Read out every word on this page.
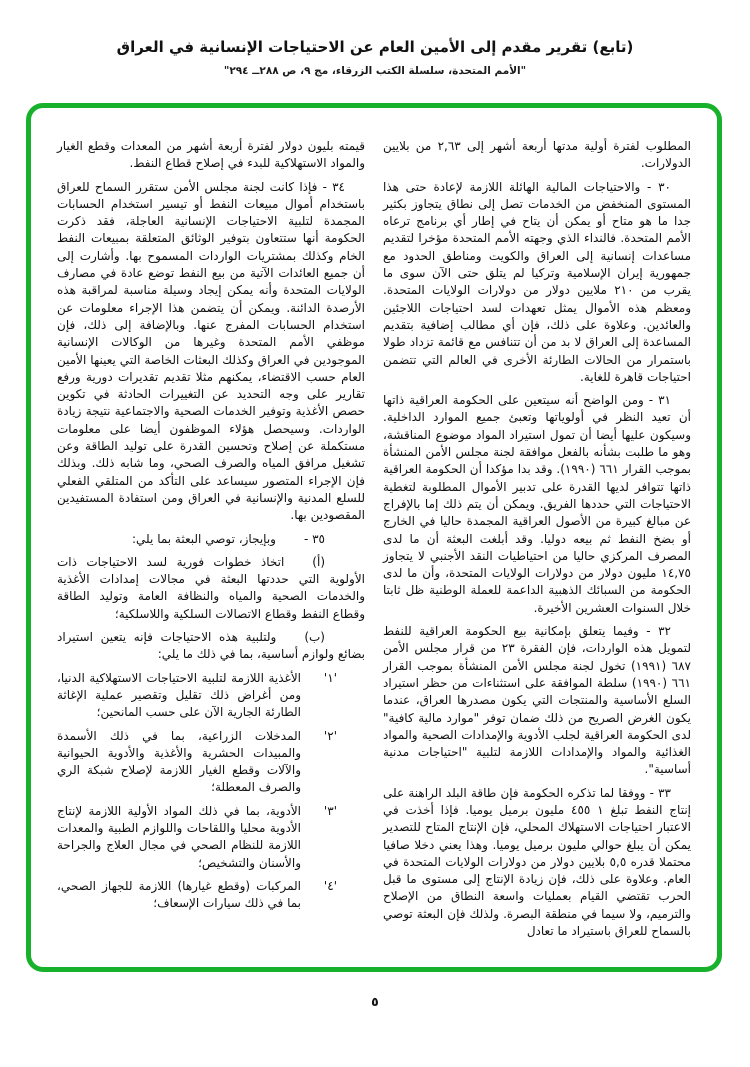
(تابع) تقرير مقدم إلى الأمين العام عن الاحتياجات الإنسانية في العراق
"الأمم المتحدة، سلسلة الكتب الزرقاء، مج ٩، ص ٢٨٨ــ ٢٩٤"

المطلوب لفترة أولية مدتها أربعة أشهر إلى ٢,٦٣ من بلايين الدولارات.

٣٠ - والاحتياجات المالية الهائلة اللازمة لإعادة حتى هذا المستوى المنخفض من الخدمات تصل إلى نطاق يتجاوز بكثير جدا ما هو متاح أو يمكن أن يتاح في إطار أي برنامج ترعاه الأمم المتحدة. فالنداء الذي وجهته الأمم المتحدة مؤخرا لتقديم مساعدات إنسانية إلى العراق والكويت ومناطق الحدود مع جمهورية إيران الإسلامية وتركيا لم يتلق حتى الآن سوى ما يقرب من ٢١٠ ملايين دولار من دولارات الولايات المتحدة. ومعظم هذه الأموال يمثل تعهدات لسد احتياجات اللاجئين والعائدين. وعلاوة على ذلك، فإن أي مطالب إضافية بتقديم المساعدة إلى العراق لا بد من أن تتنافس مع قائمة تزداد طولا باستمرار من الحالات الطارئة الأخرى في العالم التي تتضمن احتياجات قاهرة للغاية.

٣١ - ومن الواضح أنه سيتعين على الحكومة العراقية ذاتها أن تعيد النظر في أولوياتها وتعبئ جميع الموارد الداخلية. وسيكون عليها أيضا أن تمول استيراد المواد موضوع المناقشة، وهو ما طلبت بشأنه بالفعل موافقة لجنة مجلس الأمن المنشأة بموجب القرار ٦٦١ (١٩٩٠). وقد بدا مؤكدا أن الحكومة العراقية ذاتها تتوافر لديها القدرة على تدبير الأموال المطلوبة لتغطية الاحتياجات التي حددها الفريق. ويمكن أن يتم ذلك إما بالإفراج عن مبالغ كبيرة من الأصول العراقية المجمدة حاليا في الخارج أو بضخ النفط ثم بيعه دوليا. وقد أبلغت البعثة أن ما لدى المصرف المركزي حاليا من احتياطيات النقد الأجنبي لا يتجاوز ١٤,٧٥ مليون دولار من دولارات الولايات المتحدة، وأن ما لدى الحكومة من السبائك الذهبية الداعمة للعملة الوطنية ظل ثابتا خلال السنوات العشرين الأخيرة.

٣٢ - وفيما يتعلق بإمكانية بيع الحكومة العراقية للنفط لتمويل هذه الواردات، فإن الفقرة ٢٣ من قرار مجلس الأمن ٦٨٧ (١٩٩١) تخول لجنة مجلس الأمن المنشأة بموجب القرار ٦٦١ (١٩٩٠) سلطة الموافقة على استثناءات من حظر استيراد السلع الأساسية والمنتجات التي يكون مصدرها العراق، عندما يكون الغرض الصريح من ذلك ضمان توفر "موارد مالية كافية" لدى الحكومة العراقية لجلب الأدوية والإمدادات الصحية والمواد الغذائية والمواد والإمدادات اللازمة لتلبية "احتياجات مدنية أساسية".

٣٣ - ووفقا لما تذكره الحكومة فإن طاقة البلد الراهنة على إنتاج النفط تبلغ ١ ٤٥٥ مليون برميل يوميا. فإذا أخذت في الاعتبار احتياجات الاستهلاك المحلي، فإن الإنتاج المتاح للتصدير يمكن أن يبلغ حوالي مليون برميل يوميا. وهذا يعني دخلا صافيا محتملا قدره ٥,٥ بلايين دولار من دولارات الولايات المتحدة في العام. وعلاوة على ذلك، فإن زيادة الإنتاج إلى مستوى ما قبل الحرب تقتضي القيام بعمليات واسعة النطاق من الإصلاح والترميم، ولا سيما في منطقة البصرة. ولذلك فإن البعثة توصي بالسماح للعراق باستيراد ما تعادل

قيمته بليون دولار لفترة أربعة أشهر من المعدات وقطع الغيار والمواد الاستهلاكية للبدء في إصلاح قطاع النفط.

٣٤ - فإذا كانت لجنة مجلس الأمن ستقرر السماح للعراق باستخدام أموال مبيعات النفط أو تيسير استخدام الحسابات المجمدة لتلبية الاحتياجات الإنسانية العاجلة، فقد ذكرت الحكومة أنها ستتعاون بتوفير الوثائق المتعلقة بمبيعات النفط الخام وكذلك بمشتريات الواردات المسموح بها. وأشارت إلى أن جميع العائدات الآتية من بيع النفط توضع عادة في مصارف الولايات المتحدة وأنه يمكن إيجاد وسيلة مناسبة لمراقبة هذه الأرصدة الدائنة. ويمكن أن يتضمن هذا الإجراء معلومات عن استخدام الحسابات المفرج عنها. وبالإضافة إلى ذلك، فإن موظفي الأمم المتحدة وغيرها من الوكالات الإنسانية الموجودين في العراق وكذلك البعثات الخاصة التي يعينها الأمين العام حسب الاقتضاء، يمكنهم مثلا تقديم تقديرات دورية ورفع تقارير على وجه التحديد عن التغييرات الحادثة في تكوين حصص الأغذية وتوفير الخدمات الصحية والاجتماعية نتيجة زيادة الواردات. وسيحصل هؤلاء الموظفون أيضا على معلومات مستكملة عن إصلاح وتحسين القدرة على توليد الطاقة وعن تشغيل مرافق المياه والصرف الصحي، وما شابه ذلك. وبذلك فإن الإجراء المتصور سيساعد على التأكد من المتلقي الفعلي للسلع المدنية والإنسانية في العراق ومن استفادة المستفيدين المقصودين بها.

٣٥ -وبإيجاز، توصي البعثة بما يلي:

(أ)اتخاذ خطوات فورية لسد الاحتياجات ذات الأولوية التي حددتها البعثة في مجالات إمدادات الأغذية والخدمات الصحية والمياه والنظافة العامة وتوليد الطاقة وقطاع النفط وقطاع الاتصالات السلكية واللاسلكية؛

(ب)ولتلبية هذه الاحتياجات فإنه يتعين استيراد بضائع ولوازم أساسية، بما في ذلك ما يلي:

'١'
الأغذية اللازمة لتلبية الاحتياجات الاستهلاكية الدنيا، ومن أغراض ذلك تقليل وتقصير عملية الإغاثة الطارئة الجارية الآن على حسب المانحين؛
'٢'
المدخلات الزراعية، بما في ذلك الأسمدة والمبيدات الحشرية والأغذية والأدوية الحيوانية والآلات وقطع الغيار اللازمة لإصلاح شبكة الري والصرف المعطلة؛
'٣'
الأدوية، بما في ذلك المواد الأولية اللازمة لإنتاج الأدوية محليا واللقاحات واللوازم الطبية والمعدات اللازمة للنظام الصحي في مجال العلاج والجراحة والأسنان والتشخيص؛
'٤'
المركبات (وقطع غيارها) اللازمة للجهاز الصحي، بما في ذلك سيارات الإسعاف؛
٥
